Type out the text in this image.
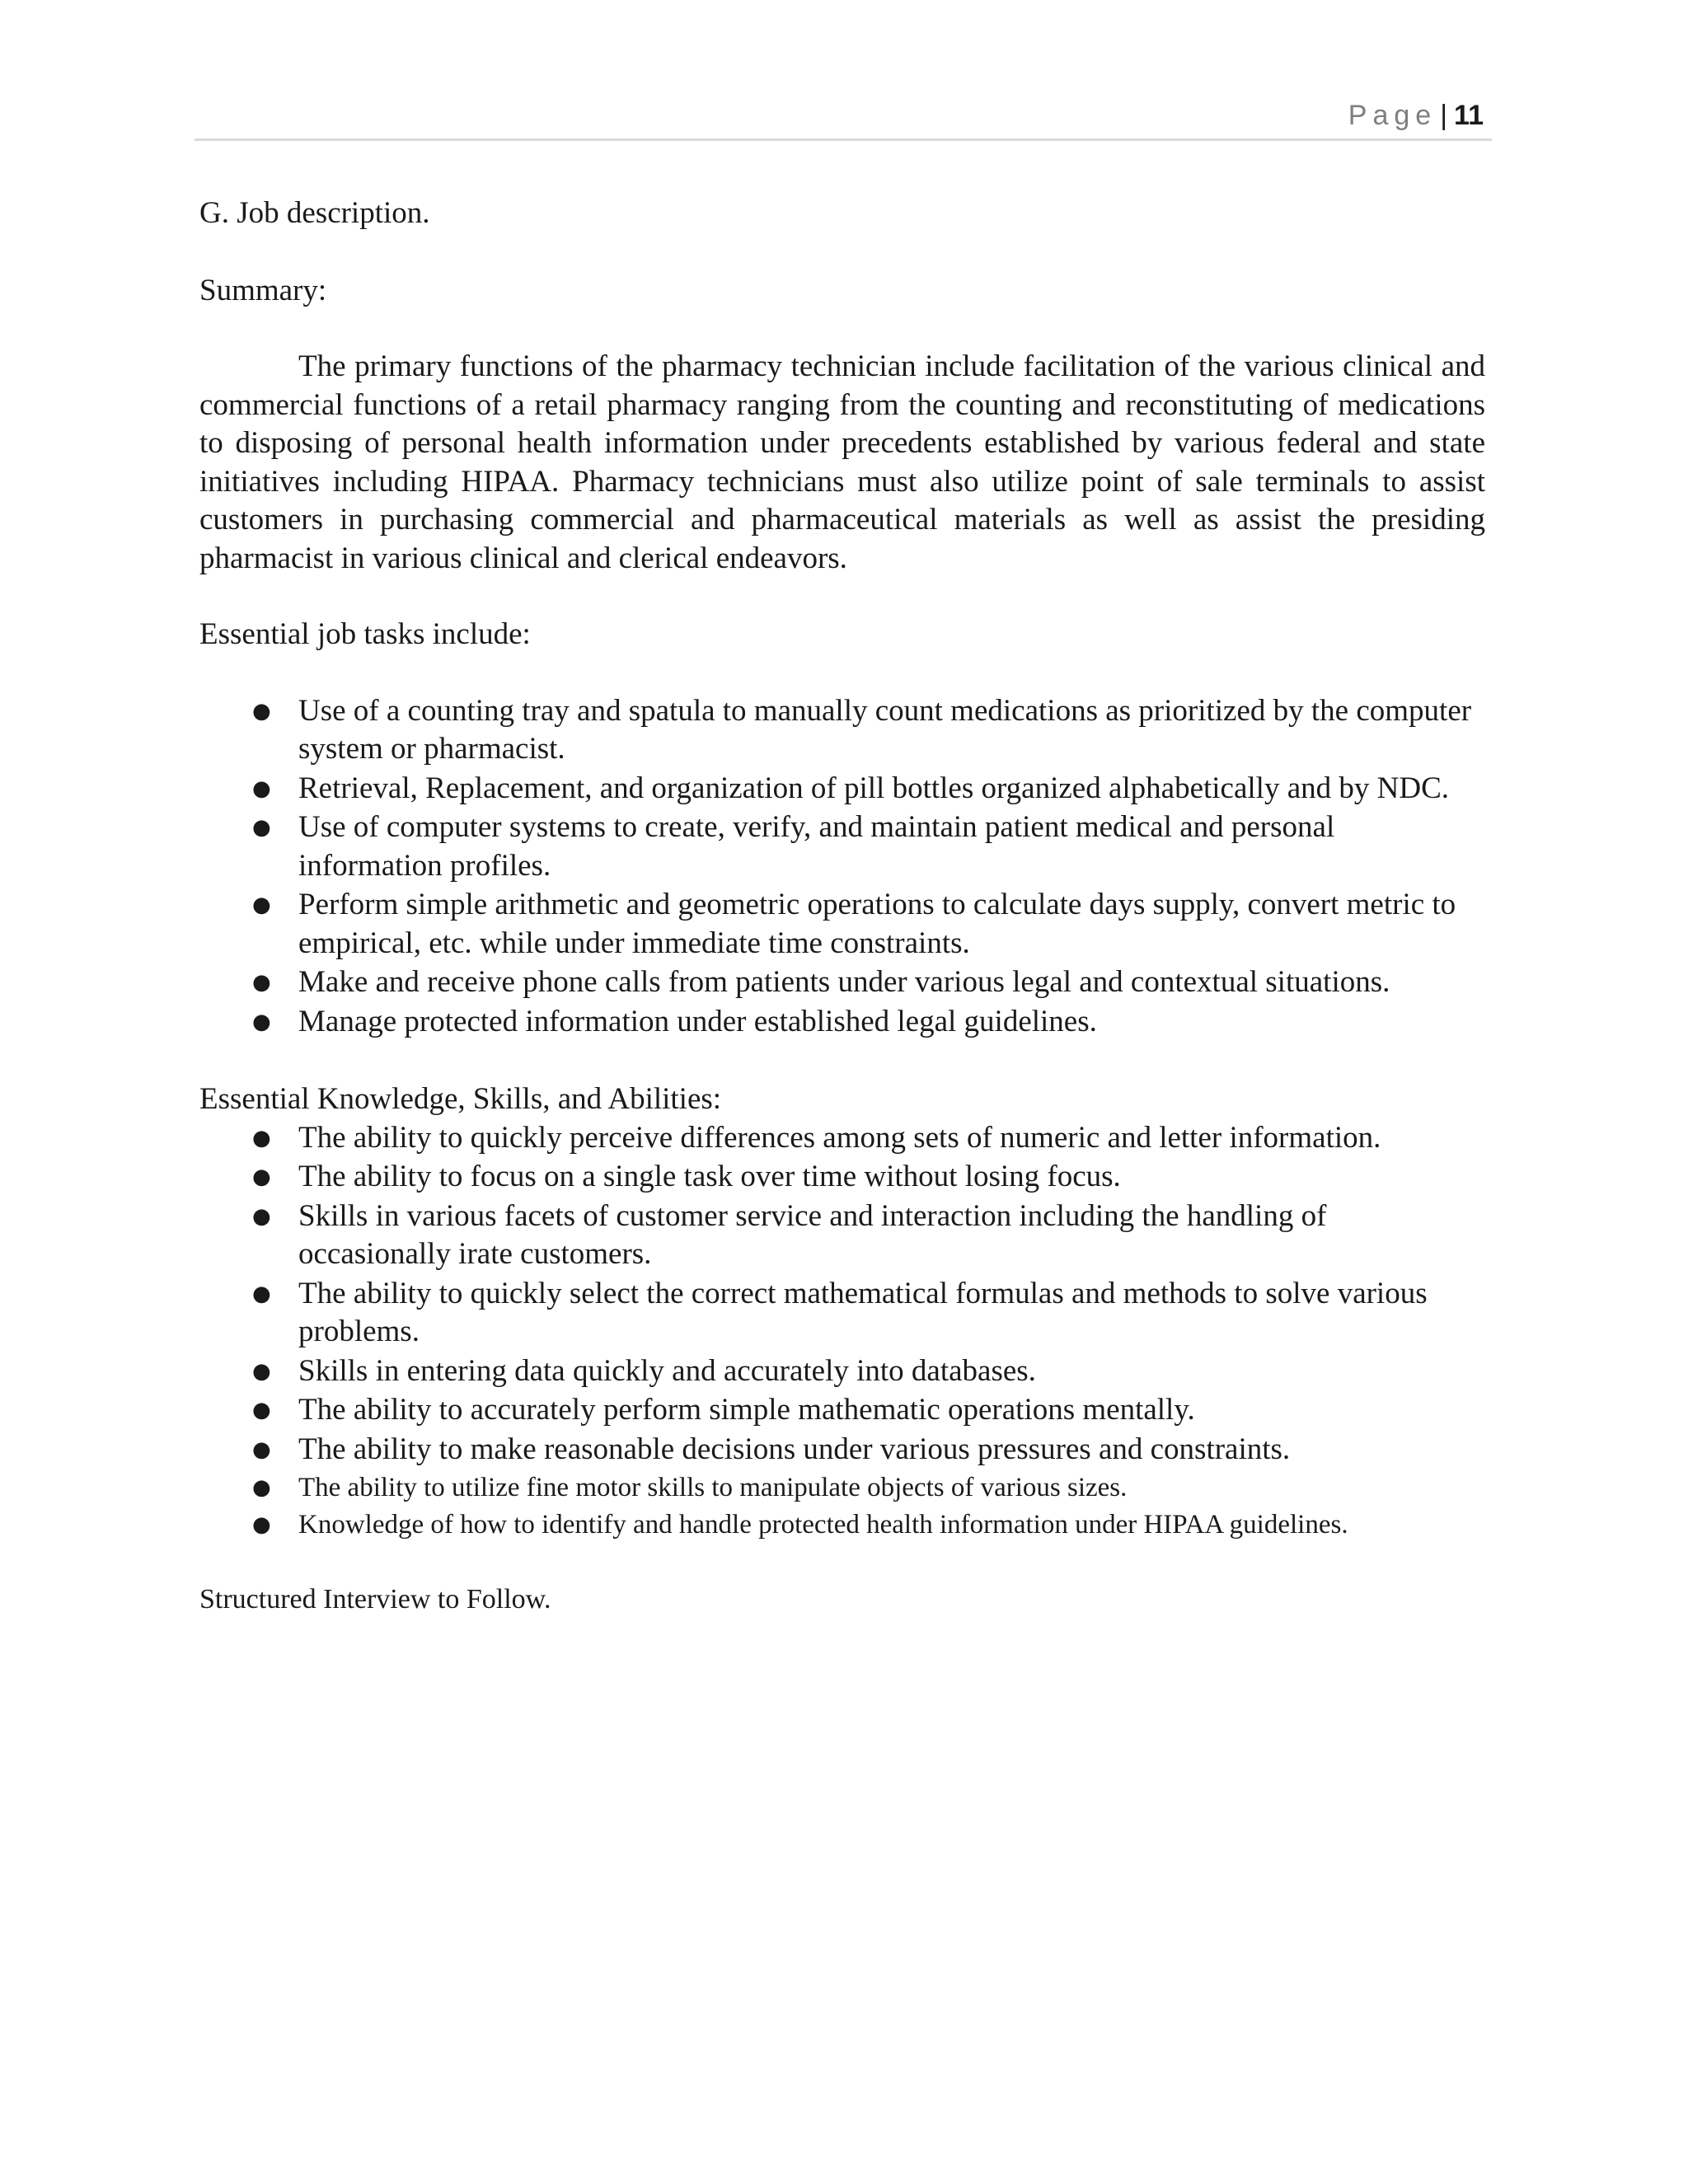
Page | 11

G. Job description.

Summary:

The primary functions of the pharmacy technician include facilitation of the various clinical and commercial functions of a retail pharmacy ranging from the counting and reconstituting of medications to disposing of personal health information under precedents established by various federal and state initiatives including HIPAA. Pharmacy technicians must also utilize point of sale terminals to assist customers in purchasing commercial and pharmaceutical materials as well as assist the presiding pharmacist in various clinical and clerical endeavors.

Essential job tasks include:

● Use of a counting tray and spatula to manually count medications as prioritized by the computer system or pharmacist.
● Retrieval, Replacement, and organization of pill bottles organized alphabetically and by NDC.
● Use of computer systems to create, verify, and maintain patient medical and personal information profiles.
● Perform simple arithmetic and geometric operations to calculate days supply, convert metric to empirical, etc. while under immediate time constraints.
● Make and receive phone calls from patients under various legal and contextual situations.
● Manage protected information under established legal guidelines.

Essential Knowledge, Skills, and Abilities:

● The ability to quickly perceive differences among sets of numeric and letter information.
● The ability to focus on a single task over time without losing focus.
● Skills in various facets of customer service and interaction including the handling of occasionally irate customers.
● The ability to quickly select the correct mathematical formulas and methods to solve various problems.
● Skills in entering data quickly and accurately into databases.
● The ability to accurately perform simple mathematic operations mentally.
● The ability to make reasonable decisions under various pressures and constraints.
● The ability to utilize fine motor skills to manipulate objects of various sizes.
● Knowledge of how to identify and handle protected health information under HIPAA guidelines.

Structured Interview to Follow.
